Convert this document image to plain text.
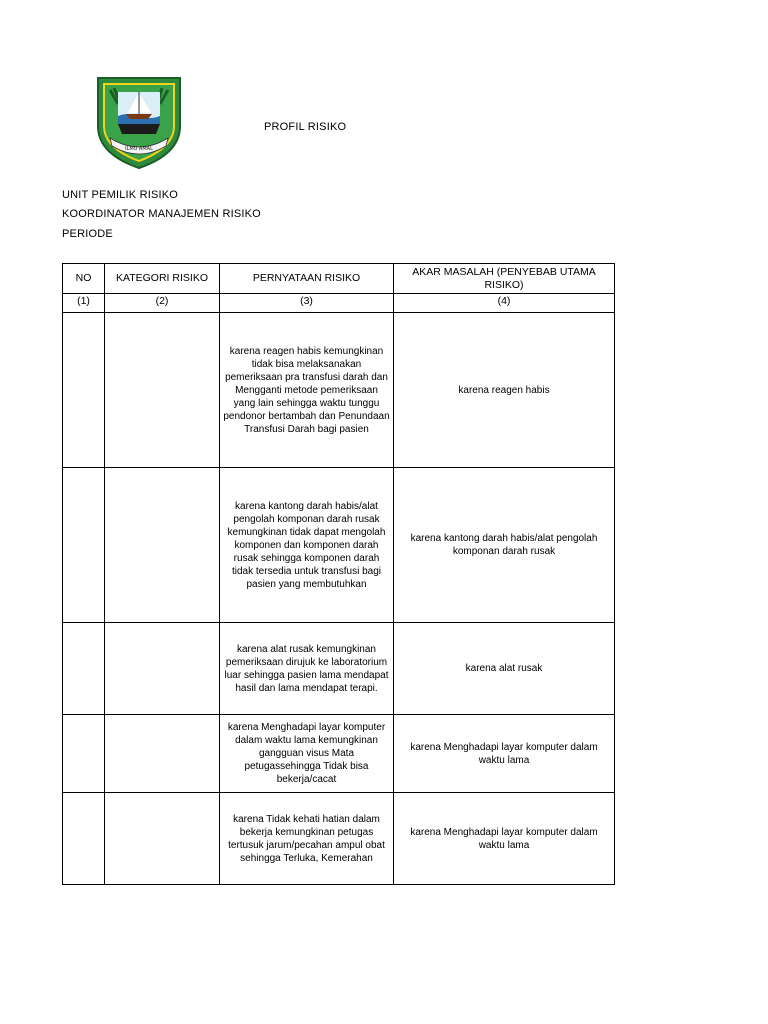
ILMU AMAL
PROFIL RISIKO
UNIT PEMILIK RISIKO
KOORDINATOR MANAJEMEN RISIKO
PERIODE
NO	KATEGORI RISIKO	PERNYATAAN RISIKO	AKAR MASALAH (PENYEBAB UTAMA RISIKO)
(1)	(2)	(3)	(4)
		karena reagen habis kemungkinan tidak bisa melaksanakan pemeriksaan pra transfusi darah dan Mengganti metode pemeriksaan yang lain sehingga waktu tunggu pendonor bertambah dan Penundaan Transfusi Darah bagi pasien	karena reagen habis
		karena kantong darah habis/alat pengolah komponan darah rusak kemungkinan tidak dapat mengolah komponen dan komponen darah rusak sehingga komponen darah tidak tersedia untuk transfusi bagi pasien yang membutuhkan	karena kantong darah habis/alat pengolah komponan darah rusak
		karena alat rusak kemungkinan pemeriksaan dirujuk ke laboratorium luar sehingga pasien lama mendapat hasil dan lama mendapat terapi.	karena alat rusak
		karena Menghadapi layar komputer dalam waktu lama kemungkinan gangguan visus Mata petugassehingga Tidak bisa bekerja/cacat	karena Menghadapi layar komputer dalam waktu lama
		karena Tidak kehati hatian dalam bekerja kemungkinan petugas tertusuk jarum/pecahan ampul obat sehingga Terluka, Kemerahan	karena Menghadapi layar komputer dalam waktu lama
